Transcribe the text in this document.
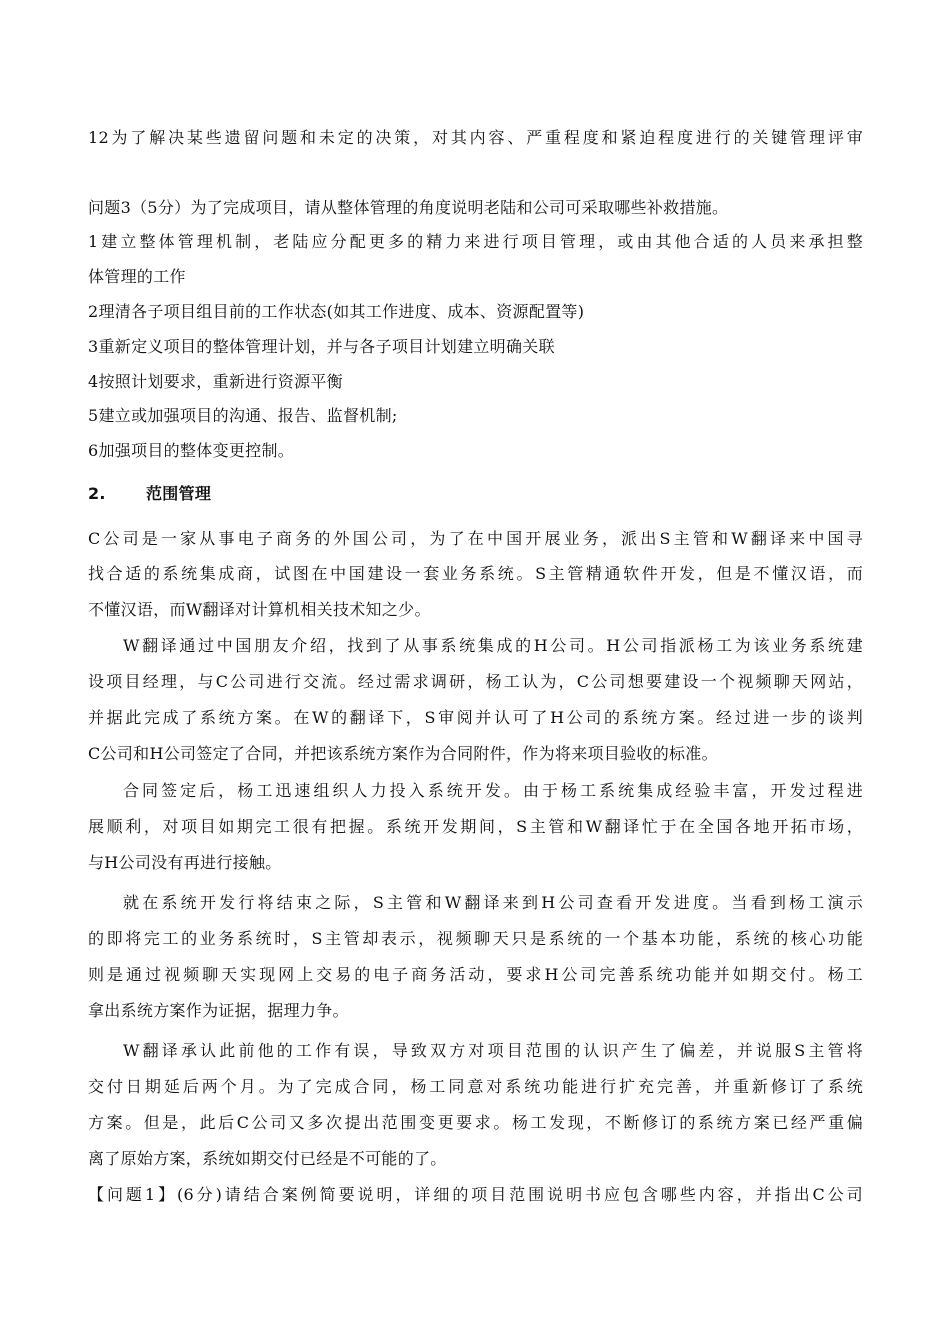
12为了解决某些遗留问题和未定的决策，对其内容、严重程度和紧迫程度进行的关键管理评审
问题3（5分）为了完成项目，请从整体管理的角度说明老陆和公司可采取哪些补救措施。
1建立整体管理机制，老陆应分配更多的精力来进行项目管理，或由其他合适的人员来承担整
体管理的工作
2理清各子项目组目前的工作状态(如其工作进度、成本、资源配置等)
3重新定义项目的整体管理计划，并与各子项目计划建立明确关联
4按照计划要求，重新进行资源平衡
5建立或加强项目的沟通、报告、监督机制;
6加强项目的整体变更控制。
2.	范围管理
C公司是一家从事电子商务的外国公司，为了在中国开展业务，派出S主管和W翻译来中国寻
找合适的系统集成商，试图在中国建设一套业务系统。S主管精通软件开发，但是不懂汉语，而
不懂汉语，而W翻译对计算机相关技术知之少。
W翻译通过中国朋友介绍，找到了从事系统集成的H公司。H公司指派杨工为该业务系统建
设项目经理，与C公司进行交流。经过需求调研，杨工认为，C公司想要建设一个视频聊天网站，
并据此完成了系统方案。在W的翻译下，S审阅并认可了H公司的系统方案。经过进一步的谈判
C公司和H公司签定了合同，并把该系统方案作为合同附件，作为将来项目验收的标准。
合同签定后，杨工迅速组织人力投入系统开发。由于杨工系统集成经验丰富，开发过程进
展顺利，对项目如期完工很有把握。系统开发期间，S主管和W翻译忙于在全国各地开拓市场，
与H公司没有再进行接触。
就在系统开发行将结束之际，S主管和W翻译来到H公司查看开发进度。当看到杨工演示
的即将完工的业务系统时，S主管却表示，视频聊天只是系统的一个基本功能，系统的核心功能
则是通过视频聊天实现网上交易的电子商务活动，要求H公司完善系统功能并如期交付。杨工
拿出系统方案作为证据，据理力争。
W翻译承认此前他的工作有误，导致双方对项目范围的认识产生了偏差，并说服S主管将
交付日期延后两个月。为了完成合同，杨工同意对系统功能进行扩充完善，并重新修订了系统
方案。但是，此后C公司又多次提出范围变更要求。杨工发现，不断修订的系统方案已经严重偏
离了原始方案，系统如期交付已经是不可能的了。
【问题1】(6分)请结合案例简要说明，详细的项目范围说明书应包含哪些内容，并指出C公司
